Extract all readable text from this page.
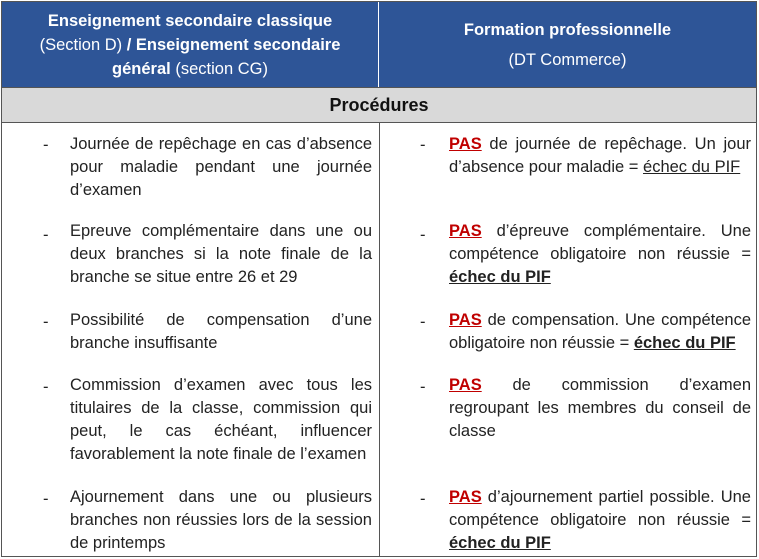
Enseignement secondaire classique
(Section D) / Enseignement secondaire
général (section CG)
Formation professionnelle
(DT Commerce)
Procédures
- Journée de repêchage en cas d’absence pour maladie pendant une journée d’examen
- PAS de journée de repêchage. Un jour d’absence pour maladie = échec du PIF
- Epreuve complémentaire dans une ou deux branches si la note finale de la branche se situe entre 26 et 29
- PAS d’épreuve complémentaire. Une compétence obligatoire non réussie = échec du PIF
- Possibilité de compensation d’une branche insuffisante
- PAS de compensation. Une compétence obligatoire non réussie = échec du PIF
- Commission d’examen avec tous les titulaires de la classe, commission qui peut, le cas échéant, influencer favorablement la note finale de l’examen
- PAS de commission d’examen regroupant les membres du conseil de classe
- Ajournement dans une ou plusieurs branches non réussies lors de la session de printemps
- PAS d’ajournement partiel possible. Une compétence obligatoire non réussie = échec du PIF
